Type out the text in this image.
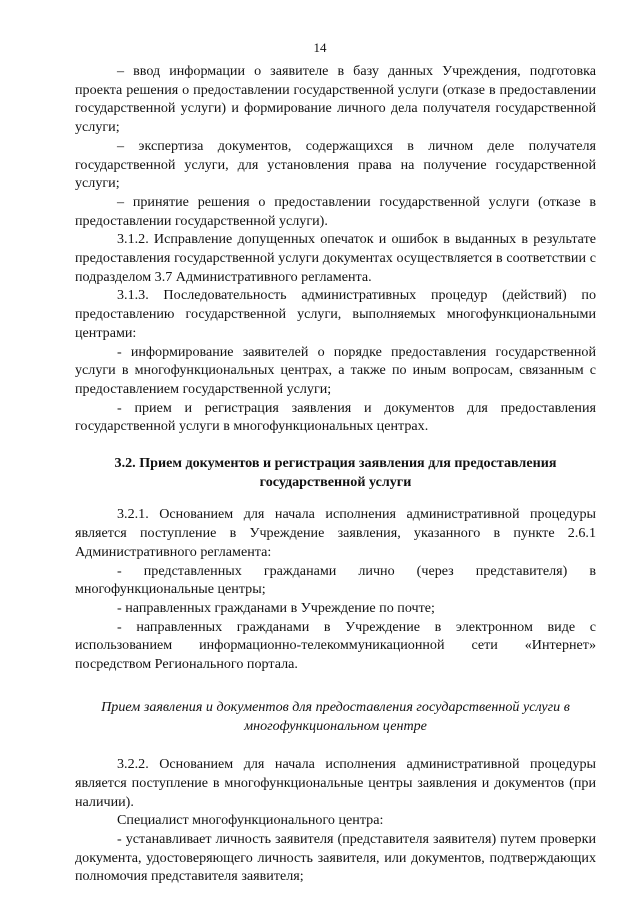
14

– ввод информации о заявителе в базу данных Учреждения, подготовка проекта решения о предоставлении государственной услуги (отказе в предоставлении государственной услуги) и формирование личного дела получателя государственной услуги;

– экспертиза документов, содержащихся в личном деле получателя государственной услуги, для установления права на получение государственной услуги;

– принятие решения о предоставлении государственной услуги (отказе в предоставлении государственной услуги).

3.1.2. Исправление допущенных опечаток и ошибок в выданных в результате предоставления государственной услуги документах осуществляется в соответствии с подразделом 3.7 Административного регламента.

3.1.3. Последовательность административных процедур (действий) по предоставлению государственной услуги, выполняемых многофункциональными центрами:

- информирование заявителей о порядке предоставления государственной услуги в многофункциональных центрах, а также по иным вопросам, связанным с предоставлением государственной услуги;

- прием и регистрация заявления и документов для предоставления государственной услуги в многофункциональных центрах.

3.2. Прием документов и регистрация заявления для предоставления государственной услуги

3.2.1. Основанием для начала исполнения административной процедуры является поступление в Учреждение заявления, указанного в пункте 2.6.1 Административного регламента:

- представленных гражданами лично (через представителя) в многофункциональные центры;

- направленных гражданами в Учреждение по почте;

- направленных гражданами в Учреждение в электронном виде с использованием информационно-телекоммуникационной сети «Интернет» посредством Регионального портала.

Прием заявления и документов для предоставления государственной услуги в многофункциональном центре

3.2.2. Основанием для начала исполнения административной процедуры является поступление в многофункциональные центры заявления и документов (при наличии).

Специалист многофункционального центра:

- устанавливает личность заявителя (представителя заявителя) путем проверки документа, удостоверяющего личность заявителя, или документов, подтверждающих полномочия представителя заявителя;
